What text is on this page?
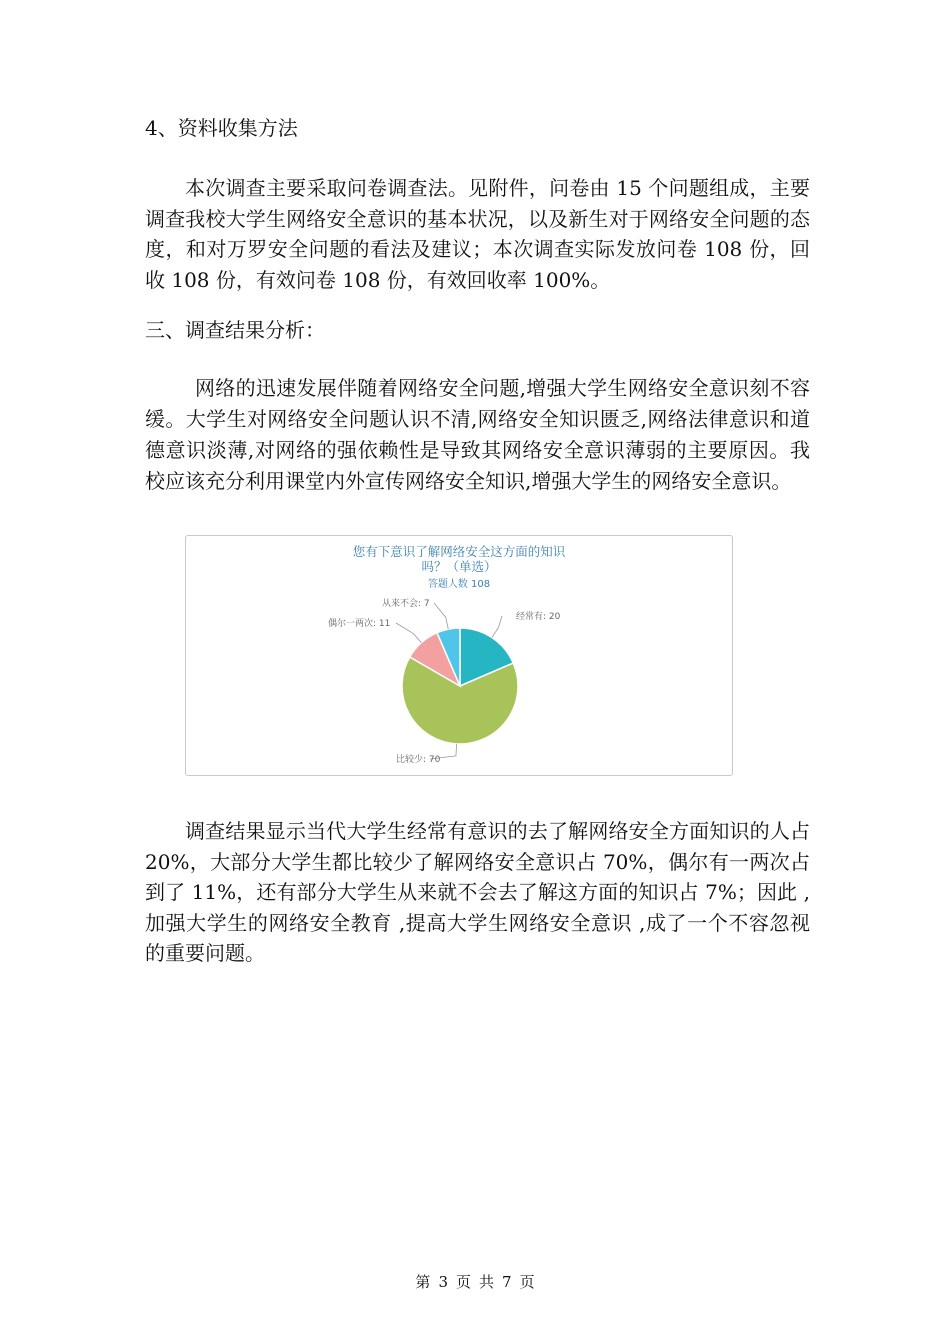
4、资料收集方法

本次调查主要采取问卷调查法。见附件，问卷由 15 个问题组成，主要调查我校大学生网络安全意识的基本状况，以及新生对于网络安全问题的态度，和对万罗安全问题的看法及建议；本次调查实际发放问卷 108 份，回收 108 份，有效问卷 108 份，有效回收率 100%。

三、调查结果分析：

网络的迅速发展伴随着网络安全问题,增强大学生网络安全意识刻不容缓。大学生对网络安全问题认识不清,网络安全知识匮乏,网络法律意识和道德意识淡薄,对网络的强依赖性是导致其网络安全意识薄弱的主要原因。我校应该充分利用课堂内外宣传网络安全知识,增强大学生的网络安全意识。

您有下意识了解网络安全这方面的知识
吗？（单选）
答题人数 108
经常有: 20
比较少: 70
偶尔一两次: 11
从来不会: 7

调查结果显示当代大学生经常有意识的去了解网络安全方面知识的人占 20%，大部分大学生都比较少了解网络安全意识占 70%，偶尔有一两次占到了 11%，还有部分大学生从来就不会去了解这方面的知识占 7%；因此 ,加强大学生的网络安全教育 ,提高大学生网络安全意识 ,成了一个不容忽视的重要问题。

第 3 页 共 7 页
